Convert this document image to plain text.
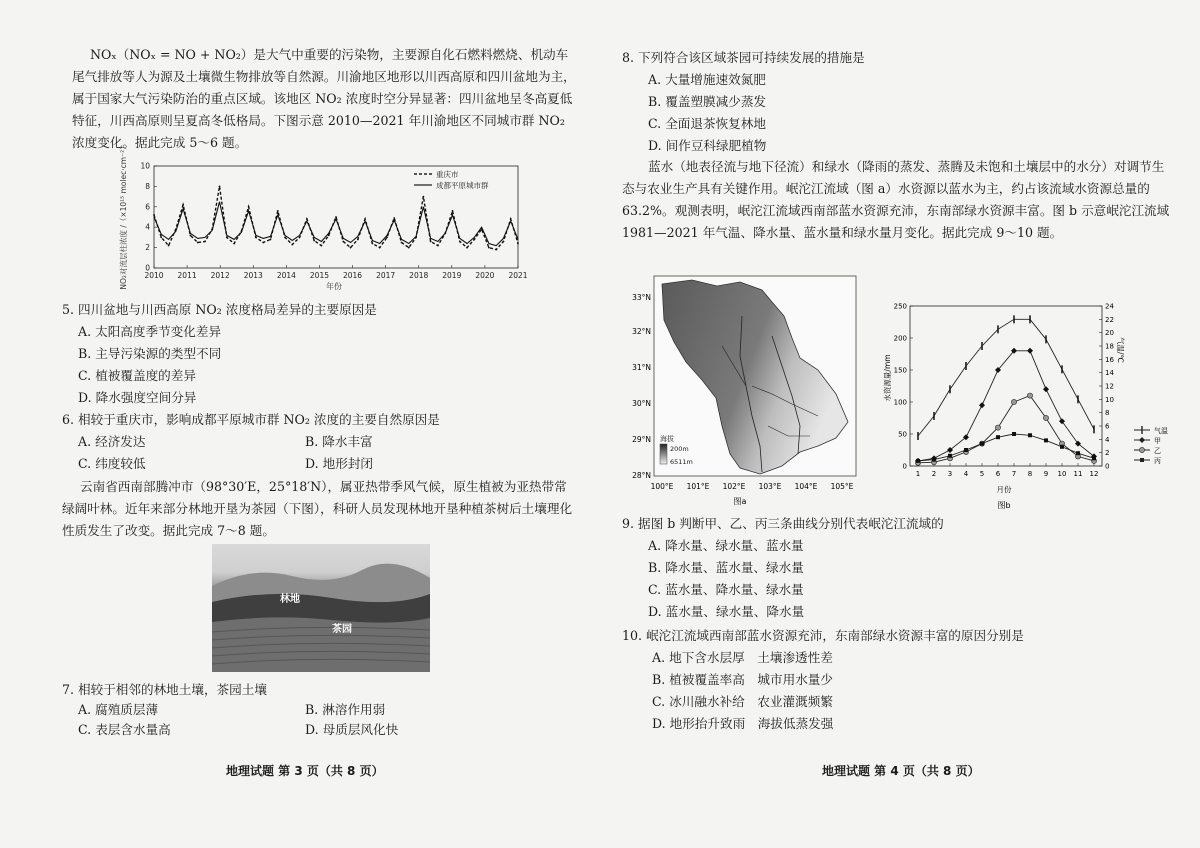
NOₓ（NOₓ = NO + NO₂）是大气中重要的污染物，主要源自化石燃料燃烧、机动车尾气排放等人为源及土壤微生物排放等自然源。川渝地区地形以川西高原和四川盆地为主，属于国家大气污染防治的重点区域。该地区 NO₂ 浓度时空分异显著：四川盆地呈冬高夏低特征，川西高原则呈夏高冬低格局。下图示意 2010—2021 年川渝地区不同城市群 NO₂ 浓度变化。据此完成 5～6 题。

NO₂对流层柱浓度 /（×10¹⁵ molec·cm⁻²） 0
2
4
6
8
10
2010 2011 2012 2013 2014 2015 2016 2017 2018 2019 2020 2021
重庆市
成都平原城市群
年份
5. 四川盆地与川西高原 NO₂ 浓度格局差异的主要原因是
A. 太阳高度季节变化差异
B. 主导污染源的类型不同
C. 植被覆盖度的差异
D. 降水强度空间分异
6. 相较于重庆市，影响成都平原城市群 NO₂ 浓度的主要自然原因是
A. 经济发达	B. 降水丰富
C. 纬度较低	D. 地形封闭

云南省西南部腾冲市（98°30′E，25°18′N），属亚热带季风气候，原生植被为亚热带常绿阔叶林。近年来部分林地开垦为茶园（下图），科研人员发现林地开垦种植茶树后土壤理化性质发生了改变。据此完成 7～8 题。

林地
茶园
7. 相较于相邻的林地土壤，茶园土壤
A. 腐殖质层薄	B. 淋溶作用弱
C. 表层含水量高	D. 母质层风化快
地理试题 第 3 页（共 8 页）
8. 下列符合该区域茶园可持续发展的措施是
A. 大量增施速效氮肥
B. 覆盖塑膜减少蒸发
C. 全面退茶恢复林地
D. 间作豆科绿肥植物

蓝水（地表径流与地下径流）和绿水（降雨的蒸发、蒸腾及未饱和土壤层中的水分）对调节生态与农业生产具有关键作用。岷沱江流域（图 a）水资源以蓝水为主，约占该流域水资源总量的 63.2%。观测表明，岷沱江流域西南部蓝水资源充沛，东南部绿水资源丰富。图 b 示意岷沱江流域 1981—2021 年气温、降水量、蓝水量和绿水量月变化。据此完成 9～10 题。

海拔
200m
6511m
33°N
32°N
31°N
30°N
29°N
28°N
100°E 101°E 102°E 103°E 104°E 105°E
图a
水资源量/mm
气温/℃
0
50
100
150
200
250
0
2
4
6
8
10
12
14
16
18
20
22
24
1 2 3 4 5 6 7 8 9 10 11 12
气温
甲
乙
丙
月份
图b
9. 据图 b 判断甲、乙、丙三条曲线分别代表岷沱江流域的
A. 降水量、绿水量、蓝水量
B. 降水量、蓝水量、绿水量
C. 蓝水量、降水量、绿水量
D. 蓝水量、绿水量、降水量
10. 岷沱江流域西南部蓝水资源充沛，东南部绿水资源丰富的原因分别是
A. 地下含水层厚　土壤渗透性差
B. 植被覆盖率高　城市用水量少
C. 冰川融水补给　农业灌溉频繁
D. 地形抬升致雨　海拔低蒸发强
地理试题 第 4 页（共 8 页）
